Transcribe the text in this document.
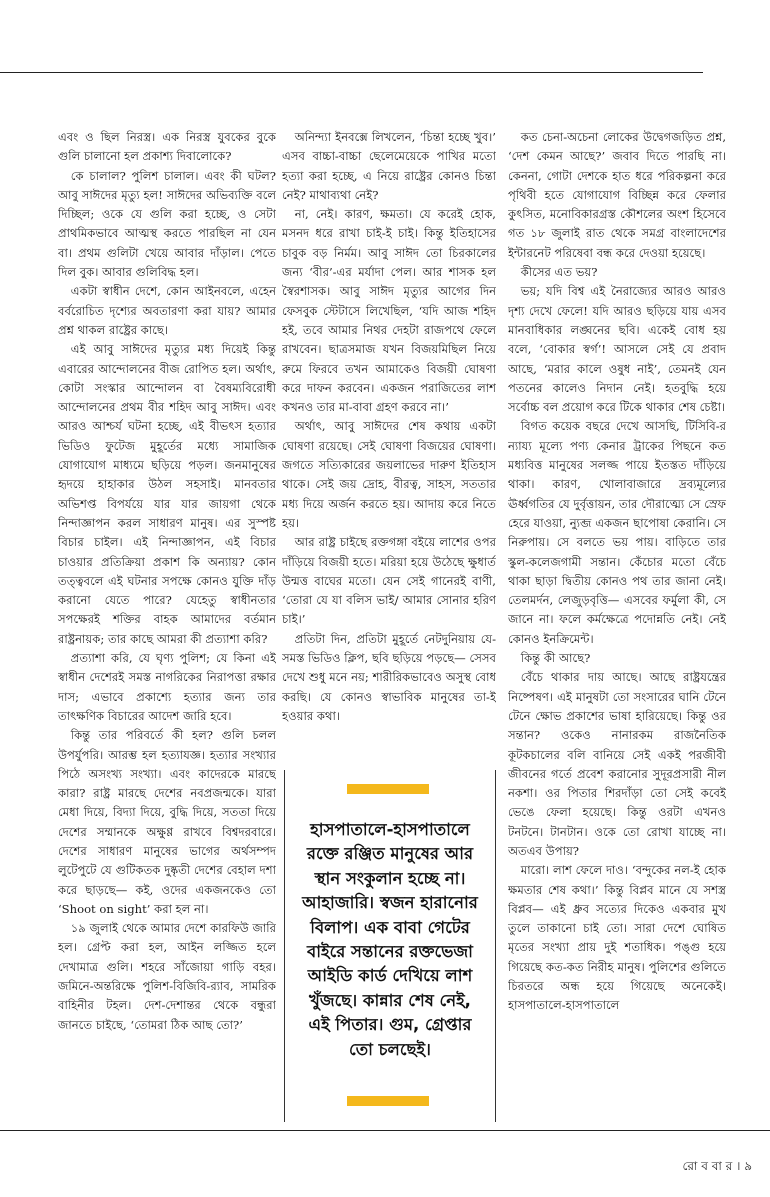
এবং ও ছিল নিরস্ত্র। এক নিরস্ত্র যুবকের বুকে গুলি চালানো হল প্রকাশ্য দিবালোকে?

কে চালাল? পুলিশ চালাল। এবং কী ঘটল? আবু সাঈদের মৃত্যু হল! সাঈদের অভিব্যক্তি বলে দিচ্ছিল; ওকে যে গুলি করা হচ্ছে, ও সেটা প্রাথমিকভাবে আত্মস্থ করতে পারছিল না যেন বা। প্রথম গুলিটা খেয়ে আবার দাঁড়াল। পেতে দিল বুক। আবার গুলিবিদ্ধ হল।

একটা স্বাধীন দেশে, কোন আইনবলে, এহেন বর্বরোচিত দৃশ্যের অবতারণা করা যায়? আমার প্রশ্ন থাকল রাষ্ট্রের কাছে।

এই আবু সাঈদের মৃত্যুর মধ্য দিয়েই কিন্তু এবারের আন্দোলনের বীজ রোপিত হল। অর্থাৎ, কোটা সংস্কার আন্দোলন বা বৈষম্যবিরোধী আন্দোলনের প্রথম বীর শহিদ আবু সাঈদ। এবং আরও আশ্চর্য ঘটনা হচ্ছে, এই বীভৎস হত্যার ভিডিও ফুটেজ মুহূর্তের মধ্যে সামাজিক যোগাযোগ মাধ্যমে ছড়িয়ে পড়ল। জনমানুষের হৃদয়ে হাহাকার উঠল সহসাই। মানবতার অভিশপ্ত বিপর্যয়ে যার যার জায়গা থেকে নিন্দাজ্ঞাপন করল সাধারণ মানুষ। এর সুস্পষ্ট বিচার চাইল। এই নিন্দাজ্ঞাপন, এই বিচার চাওয়ার প্রতিক্রিয়া প্রকাশ কি অন্যায়? কোন তত্ত্ববলে এই ঘটনার সপক্ষে কোনও যুক্তি দাঁড় করানো যেতে পারে? যেহেতু স্বাধীনতার সপক্ষেরই শক্তির বাহক আমাদের বর্তমান রাষ্ট্রনায়ক; তার কাছে আমরা কী প্রত্যাশা করি?

প্রত্যাশা করি, যে ঘৃণ্য পুলিশ; যে কিনা এই স্বাধীন দেশেরই সমস্ত নাগরিকের নিরাপত্তা রক্ষার দাস; এভাবে প্রকাশ্যে হত্যার জন্য তার তাৎক্ষণিক বিচারের আদেশ জারি হবে।

কিন্তু তার পরিবর্তে কী হল? গুলি চলল উপর্যুপরি। আরম্ভ হল হত্যাযজ্ঞ। হত্যার সংখ্যার পিঠে অসংখ্য সংখ্যা। এবং কাদেরকে মারছে কারা? রাষ্ট্র মারছে দেশের নবপ্রজন্মকে। যারা মেধা দিয়ে, বিদ্যা দিয়ে, বুদ্ধি দিয়ে, সততা দিয়ে দেশের সম্মানকে অক্ষুণ্ণ রাখবে বিশ্বদরবারে। দেশের সাধারণ মানুষের ভাগের অর্থসম্পদ লুটেপুটে যে গুটিকতক দুষ্কৃতী দেশের বেহাল দশা করে ছাড়ছে— কই, ওদের একজনকেও তো ‘Shoot on sight’ করা হল না।

১৯ জুলাই থেকে আমার দেশে কারফিউ জারি হল। গ্রেপ্ট করা হল, আইন লজ্জিত হলে দেখামাত্র গুলি। শহরে সাঁজোয়া গাড়ি বহর। জমিনে-অন্তরিক্ষে পুলিশ-বিজিবি-র‍্যাব, সামরিক বাহিনীর টহল। দেশ-দেশান্তর থেকে বন্ধুরা জানতে চাইছে, ‘তোমরা ঠিক আছ তো?’

অনিন্দ্যা ইনবক্সে লিখলেন, ‘চিন্তা হচ্ছে খুব।’ এসব বাচ্চা-বাচ্চা ছেলেমেয়েকে পাখির মতো হত্যা করা হচ্ছে, এ নিয়ে রাষ্ট্রের কোনও চিন্তা নেই? মাথাব্যথা নেই?

না, নেই। কারণ, ক্ষমতা। যে করেই হোক, মসনদ ধরে রাখা চাই-ই চাই। কিন্তু ইতিহাসের চাবুক বড় নির্মম। আবু সাঈদ তো চিরকালের জন্য ‘বীর’-এর মর্যাদা পেল। আর শাসক হল স্বৈরশাসক। আবু সাঈদ মৃত্যুর আগের দিন ফেসবুক স্টেটাসে লিখেছিল, ‘যদি আজ শহিদ হই, তবে আমার নিথর দেহটা রাজপথে ফেলে রাখবেন। ছাত্রসমাজ যখন বিজয়মিছিল নিয়ে রুমে ফিরবে তখন আমাকেও বিজয়ী ঘোষণা করে দাফন করবেন। একজন পরাজিতের লাশ কখনও তার মা-বাবা গ্রহণ করবে না।’

অর্থাৎ, আবু সাঈদের শেষ কথায় একটা ঘোষণা রয়েছে। সেই ঘোষণা বিজয়ের ঘোষণা। জগতে সত্যিকারের জয়লাভের দারুণ ইতিহাস থাকে। সেই জয় দ্রোহ, বীরত্ব, সাহস, সততার মধ্য দিয়ে অর্জন করতে হয়। আদায় করে নিতে হয়।

আর রাষ্ট্র চাইছে রক্তগঙ্গা বইয়ে লাশের ওপর দাঁড়িয়ে বিজয়ী হতে। মরিয়া হয়ে উঠেছে ক্ষুধার্ত উন্মত্ত বাঘের মতো। যেন সেই গানেরই বাণী, ‘তোরা যে যা বলিস ভাই/ আমার সোনার হরিণ চাই।’

প্রতিটা দিন, প্রতিটা মুহূর্তে নেটদুনিয়ায় যে-সমস্ত ভিডিও ক্লিপ, ছবি ছড়িয়ে পড়ছে— সেসব দেখে শুধু মনে নয়; শারীরিকভাবেও অসুস্থ বোধ করছি। যে কোনও স্বাভাবিক মানুষের তা-ই হওয়ার কথা।

কত চেনা-অচেনা লোকের উদ্বেগজড়িত প্রশ্ন, ‘দেশ কেমন আছে?’ জবাব দিতে পারছি না। কেননা, গোটা দেশকে হাত ধরে পরিকল্পনা করে পৃথিবী হতে যোগাযোগ বিচ্ছিন্ন করে ফেলার কুৎসিত, মনোবিকারগ্রস্ত কৌশলের অংশ হিসেবে গত ১৮ জুলাই রাত থেকে সমগ্র বাংলাদেশের ইন্টারনেট পরিষেবা বন্ধ করে দেওয়া হয়েছে।

কীসের এত ভয়?

ভয়; যদি বিশ্ব এই নৈরাজ্যের আরও আরও দৃশ্য দেখে ফেলে! যদি আরও ছড়িয়ে যায় এসব মানবাধিকার লঙ্ঘনের ছবি। একেই বোধ হয় বলে, ‘বোকার স্বর্গ’! আসলে সেই যে প্রবাদ আছে, ‘মরার কালে ওষুধ নাই’, তেমনই যেন পতনের কালেও নিদান নেই। হতবুদ্ধি হয়ে সর্বোচ্চ বল প্রয়োগ করে টিকে থাকার শেষ চেষ্টা।

বিগত কয়েক বছরে দেখে আসছি, টিসিবি-র ন্যায্য মূল্যে পণ্য কেনার ট্রাকের পিছনে কত মধ্যবিত্ত মানুষের সলজ্জ পায়ে ইতস্তত দাঁড়িয়ে থাকা। কারণ, খোলাবাজারে দ্রব্যমূল্যের ঊর্ধ্বগতির যে দুর্বৃত্তায়ন, তার দৌরাত্ম্যে সে স্রেফ হেরে যাওয়া, ন্যুব্জ একজন ছাপোষা কেরানি। সে নিরুপায়। সে বলতে ভয় পায়। বাড়িতে তার স্কুল-কলেজগামী সন্তান। কেঁচোর মতো বেঁচে থাকা ছাড়া দ্বিতীয় কোনও পথ তার জানা নেই। তেলমর্দন, লেজুড়বৃত্তি— এসবের ফর্মুলা কী, সে জানে না। ফলে কর্মক্ষেত্রে পদোন্নতি নেই। নেই কোনও ইনক্রিমেন্ট।

কিন্তু কী আছে?

বেঁচে থাকার দায় আছে। আছে রাষ্ট্রযন্ত্রের নিষ্পেষণ। এই মানুষটা তো সংসারের ঘানি টেনে টেনে ক্ষোভ প্রকাশের ভাষা হারিয়েছে। কিন্তু ওর সন্তান? ওকেও নানারকম রাজনৈতিক কূটকচালের বলি বানিয়ে সেই একই পরজীবী জীবনের গর্তে প্রবেশ করানোর সুদূরপ্রসারী নীল নকশা। ওর পিতার শিরদাঁড়া তো সেই কবেই ভেঙে ফেলা হয়েছে। কিন্তু ওরটা এখনও টনটনে। টানটান। ওকে তো রোখা যাচ্ছে না। অতএব উপায়?

মারো। লাশ ফেলে দাও। ‘বন্দুকের নল-ই হোক ক্ষমতার শেষ কথা।’ কিন্তু বিপ্লব মানে যে সশস্ত্র বিপ্লব— এই ধ্রুব সত্যের দিকেও একবার মুখ তুলে তাকানো চাই তো। সারা দেশে ঘোষিত মৃতের সংখ্যা প্রায় দুই শতাধিক। পঙ্গু হয়ে গিয়েছে কত-কত নিরীহ মানুষ। পুলিশের গুলিতে চিরতরে অন্ধ হয়ে গিয়েছে অনেকেই। হাসপাতালে-হাসপাতালে

হাসপাতালে-হাসপাতালে রক্তে রঞ্জিত মানুষের আর স্থান সংকুলান হচ্ছে না। আহাজারি। স্বজন হারানোর বিলাপ। এক বাবা গেটের বাইরে সন্তানের রক্তভেজা আইডি কার্ড দেখিয়ে লাশ খুঁজছে। কান্নার শেষ নেই, এই পিতার। গুম, গ্রেপ্তার তো চলছেই।
রো ব বা র । ৯
